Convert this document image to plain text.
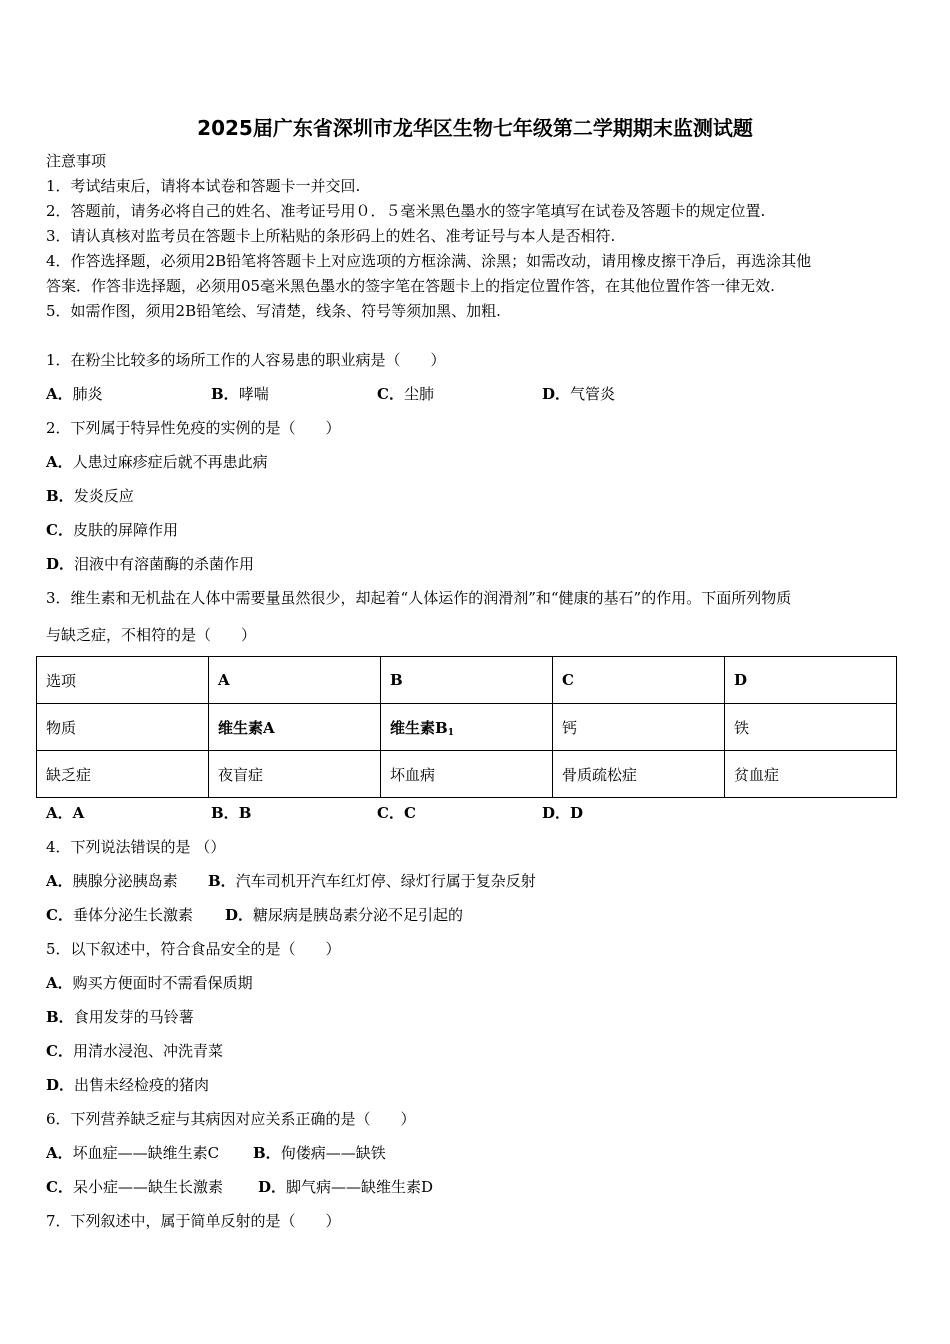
2025届广东省深圳市龙华区生物七年级第二学期期末监测试题
注意事项
1．考试结束后，请将本试卷和答题卡一并交回.
2．答题前，请务必将自己的姓名、准考证号用０．５毫米黑色墨水的签字笔填写在试卷及答题卡的规定位置.
3．请认真核对监考员在答题卡上所粘贴的条形码上的姓名、准考证号与本人是否相符.
4．作答选择题，必须用2B铅笔将答题卡上对应选项的方框涂满、涂黑；如需改动，请用橡皮擦干净后，再选涂其他
答案．作答非选择题，必须用05毫米黑色墨水的签字笔在答题卡上的指定位置作答，在其他位置作答一律无效.
5．如需作图，须用2B铅笔绘、写清楚，线条、符号等须加黑、加粗.
1．在粉尘比较多的场所工作的人容易患的职业病是（　　）
A．肺炎	B．哮喘	C．尘肺	D．气管炎
2．下列属于特异性免疫的实例的是（　　）
A．人患过麻疹症后就不再患此病
B．发炎反应
C．皮肤的屏障作用
D．泪液中有溶菌酶的杀菌作用
3．维生素和无机盐在人体中需要量虽然很少，却起着“人体运作的润滑剂”和“健康的基石”的作用。下面所列物质
与缺乏症，不相符的是（　　）
选项	A	B	C	D
物质	维生素A	维生素$B_1$	钙	铁
缺乏症	夜盲症	坏血病	骨质疏松症	贫血症
A．A	B．B	C．C	D．D
4．下列说法错误的是 （）
A．胰腺分泌胰岛素 B．汽车司机开汽车红灯停、绿灯行属于复杂反射
C．垂体分泌生长激素 D．糖尿病是胰岛素分泌不足引起的
5．以下叙述中，符合食品安全的是（　　）
A．购买方便面时不需看保质期
B．食用发芽的马铃薯
C．用清水浸泡、冲洗青菜
D．出售未经检疫的猪肉
6．下列营养缺乏症与其病因对应关系正确的是（　　）
A．坏血症——缺维生素C B．佝偻病——缺铁
C．呆小症——缺生长激素 D．脚气病——缺维生素D
7．下列叙述中，属于简单反射的是（　　）
